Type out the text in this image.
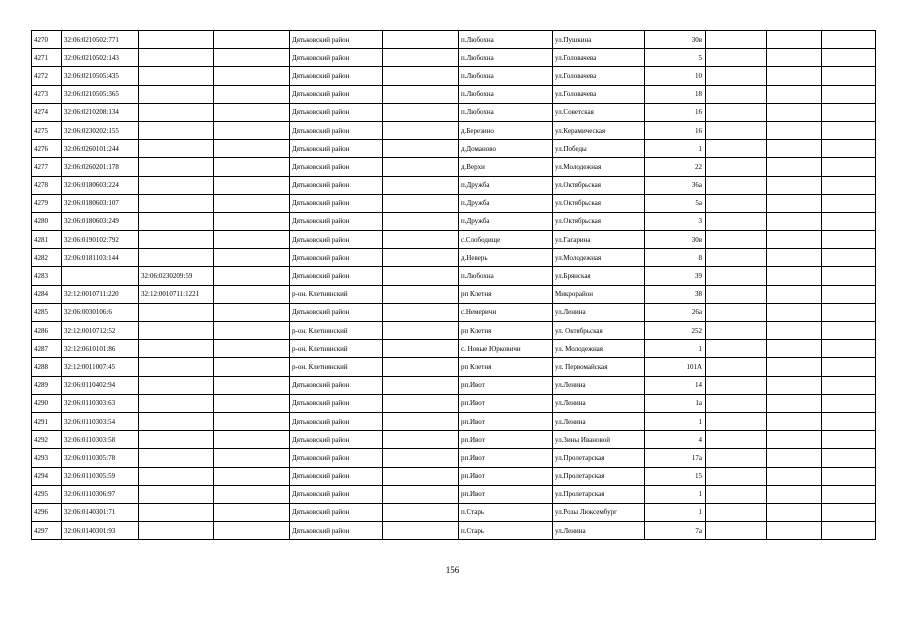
4270	32:06:0210502:771			Дятьковский район		п.Любохна	ул.Пушкина	30в			
4271	32:06:0210502:143			Дятьковский район		п.Любохна	ул.Головачева	5			
4272	32:06:0210505:435			Дятьковский район		п.Любохна	ул.Головачева	10			
4273	32:06:0210505:365			Дятьковский район		п.Любохна	ул.Головачева	18			
4274	32:06:0210208:134			Дятьковский район		п.Любохна	ул.Советская	16			
4275	32:06:0230202:155			Дятьковский район		д.Березино	ул.Керамическая	16			
4276	32:06:0260101:244			Дятьковский район		д.Доманово	ул.Победы	1			
4277	32:06:0260201:178			Дятьковский район		д.Верхи	ул.Молодежная	22			
4278	32:06:0180603:224			Дятьковский район		п.Дружба	ул.Октябрьская	36а			
4279	32:06:0180603:107			Дятьковский район		п.Дружба	ул.Октябрьская	5а			
4280	32:06:0180603:249			Дятьковский район		п.Дружба	ул.Октябрьская	3			
4281	32:06:0190102:792			Дятьковский район		с.Слободище	ул.Гагарина	30в			
4282	32:06:0181103:144			Дятьковский район		д.Неверь	ул.Молодежная	8			
4283		32:06:0230209:59		Дятьковский район		п.Любохна	ул.Брянская	39			
4284	32:12:0010711:220	32:12:0010711:1221		р-он. Клетнянский		рп Клетня	Микрорайон	38			
4285	32:06:0030106:6			Дятьковский район		с.Немеричи	ул.Ленина	26а			
4286	32:12:0010712:52			р-он. Клетнянский		рп Клетня	ул. Октябрьская	252			
4287	32:12:0610101:86			р-он. Клетнянский		с. Новые Юрковичи	ул. Молодежная	1			
4288	32:12:0011007:45			р-он. Клетнянский		рп Клетня	ул. Первомайская	101А			
4289	32:06:0110402:94			Дятьковский район		рп.Ивот	ул.Ленина	14			
4290	32:06:0110303:63			Дятьковский район		рп.Ивот	ул.Ленина	1а			
4291	32:06:0110303:54			Дятьковский район		рп.Ивот	ул.Ленина	1			
4292	32:06:0110303:58			Дятьковский район		рп.Ивот	ул.Зины Ивановой	4			
4293	32:06:0110305:78			Дятьковский район		рп.Ивот	ул.Пролетарская	17а			
4294	32:06:0110305:59			Дятьковский район		рп.Ивот	ул.Пролетарская	15			
4295	32:06:0110306:97			Дятьковский район		рп.Ивот	ул.Пролетарская	1			
4296	32:06:0140301:71			Дятьковский район		п.Старь	ул.Розы Люксембург	1			
4297	32:06:0140301:93			Дятьковский район		п.Старь	ул.Ленина	7а			
156
